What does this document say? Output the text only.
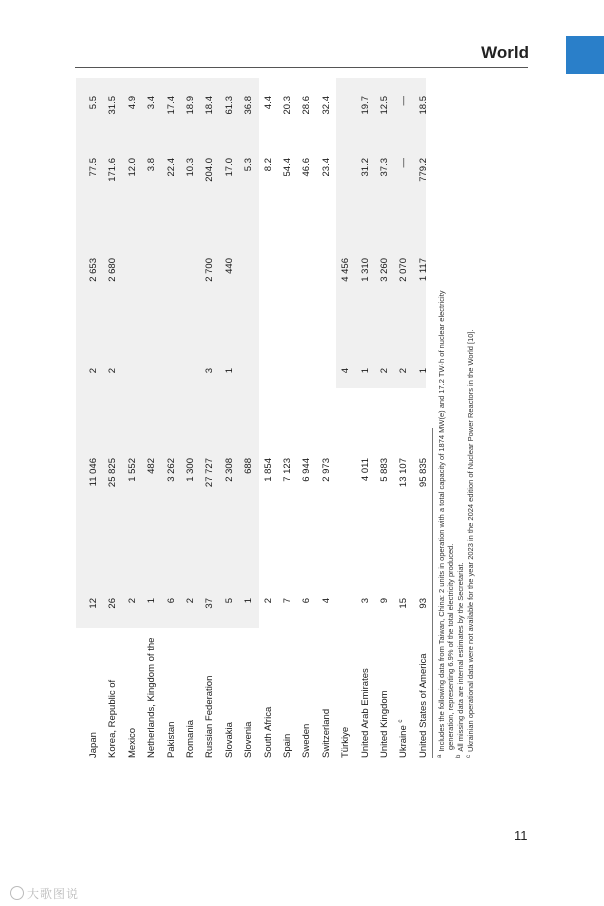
World
Japan
12
11 046
2
2 653
77.5
5.5
Korea, Republic of
26
25 825
2
2 680
171.6
31.5
Mexico
2
1 552
12.0
4.9
Netherlands, Kingdom of the
1
482
3.8
3.4
Pakistan
6
3 262
22.4
17.4
Romania
2
1 300
10.3
18.9
Russian Federation
37
27 727
3
2 700
204.0
18.4
Slovakia
5
2 308
1
440
17.0
61.3
Slovenia
1
688
5.3
36.8
South Africa
2
1 854
8.2
4.4
Spain
7
7 123
54.4
20.3
Sweden
6
6 944
46.6
28.6
Switzerland
4
2 973
23.4
32.4
Türkiye
4
4 456
United Arab Emirates
3
4 011
1
1 310
31.2
19.7
United Kingdom
9
5 883
2
3 260
37.3
12.5
Ukraine $^c$
15
13 107
2
2 070
—
—
United States of America
93
95 835
1
1 117
779.2
18.5
$^a$Includes the following data from Taiwan, China: 2 units in operation with a total capacity of 1874 MW(e) and 17.2 TW·h of nuclear electricity generation, representing 6.9% of the total electricity produced.
$^b$All missing data are internal estimates by the Secretariat.
$^c$Ukrainian operational data were not available for the year 2023 in the 2024 edition of Nuclear Power Reactors in the World [10].
11
大歌图说
